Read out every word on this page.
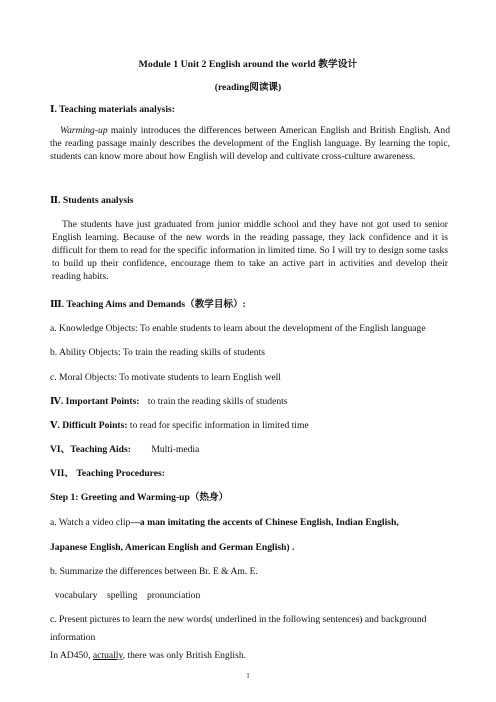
Module 1 Unit 2 English around the world 教学设计
(reading阅读课)
Ⅰ. Teaching materials analysis:
Warming-up mainly introduces the differences between American English and British English. And the reading passage mainly describes the development of the English language. By learning the topic, students can know more about how English will develop and cultivate cross-culture awareness.
Ⅱ. Students analysis
The students have just graduated from junior middle school and they have not got used to senior English learning. Because of the new words in the reading passage, they lack confidence and it is difficult for them to read for the specific information in limited time. So I will try to design some tasks to build up their confidence, encourage them to take an active part in activities and develop their reading habits.
Ⅲ. Teaching Aims and Demands（教学目标）:
a. Knowledge Objects: To enable students to learn about the development of the English language
b. Ability Objects: To train the reading skills of students
c. Moral Objects: To motivate students to learn English well
Ⅳ. Important Points: to train the reading skills of students
Ⅴ. Difficult Points: to read for specific information in limited time
VI、Teaching Aids: Multi-media
VII、 Teaching Procedures:
Step 1: Greeting and Warming-up（热身）
a. Watch a video clip—a man imitating the accents of Chinese English, Indian English,
Japanese English, American English and German English) .
b. Summarize the differences between Br. E & Am. E.
vocabulary    spelling    pronunciation
c. Present pictures to learn the new words( underlined in the following sentences) and background
information
In AD450, actually, there was only British English.
1
